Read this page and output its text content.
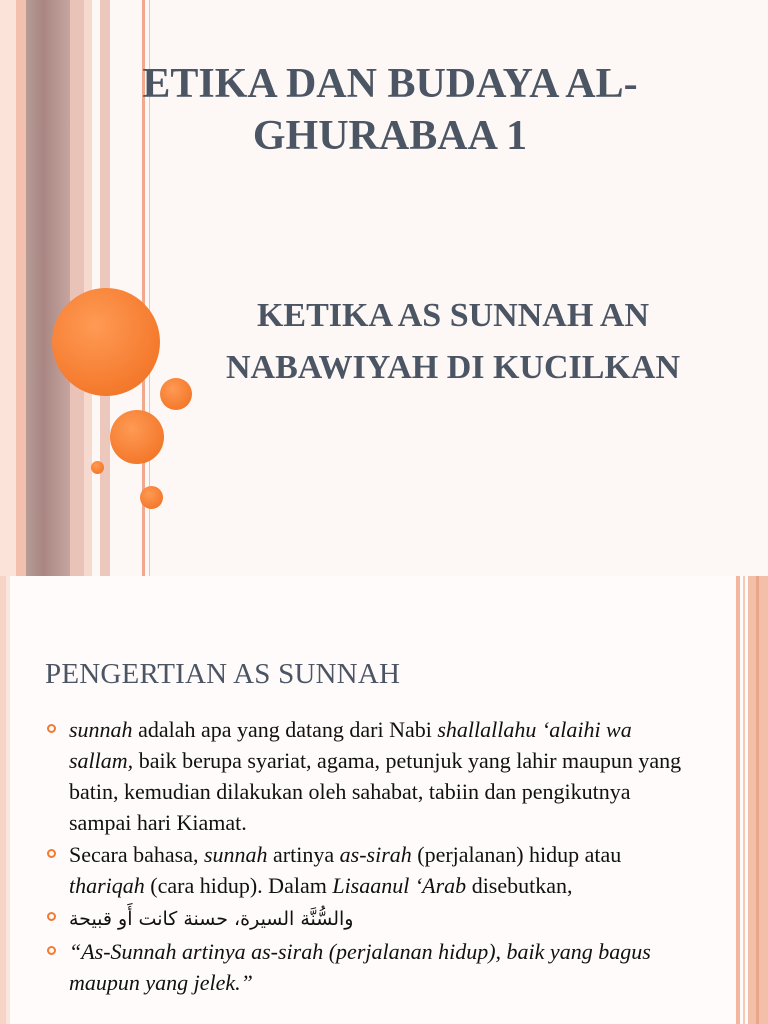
ETIKA DAN BUDAYA AL-GHURABAA 1
KETIKA AS SUNNAH AN NABAWIYAH DI KUCILKAN
PENGERTIAN AS SUNNAH
sunnah adalah apa yang datang dari Nabi shallallahu ‘alaihi wa sallam, baik berupa syariat, agama, petunjuk yang lahir maupun yang batin, kemudian dilakukan oleh sahabat, tabiin dan pengikutnya sampai hari Kiamat.
Secara bahasa, sunnah artinya as-sirah (perjalanan) hidup atau thariqah (cara hidup). Dalam Lisaanul ‘Arab disebutkan,
والسُّنَّة السيرة، حسنة كانت أَو قبيحة
“As-Sunnah artinya as-sirah (perjalanan hidup), baik yang bagus maupun yang jelek.”
